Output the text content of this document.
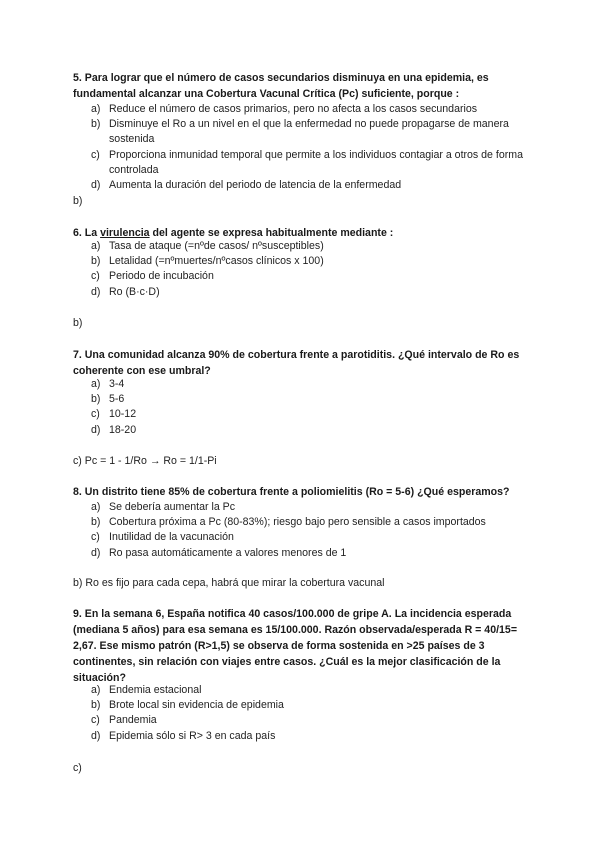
5. Para lograr que el número de casos secundarios disminuya en una epidemia, es fundamental alcanzar una Cobertura Vacunal Crítica (Pc) suficiente, porque :
a) Reduce el número de casos primarios, pero no afecta a los casos secundarios
b) Disminuye el Ro a un nivel en el que la enfermedad no puede propagarse de manera sostenida
c) Proporciona inmunidad temporal que permite a los individuos contagiar a otros de forma controlada
d) Aumenta la duración del periodo de latencia de la enfermedad
b)
6. La virulencia del agente se expresa habitualmente mediante :
a) Tasa de ataque (=nºde casos/ nºsusceptibles)
b) Letalidad (=nºmuertes/nºcasos clínicos x 100)
c) Periodo de incubación
d) Ro (B·c·D)
b)
7. Una comunidad alcanza 90% de cobertura frente a parotiditis. ¿Qué intervalo de Ro es coherente con ese umbral?
a) 3-4
b) 5-6
c) 10-12
d) 18-20
c) Pc = 1 - 1/Ro → Ro = 1/1-Pi
8. Un distrito tiene 85% de cobertura frente a poliomielitis (Ro = 5-6) ¿Qué esperamos?
a) Se debería aumentar la Pc
b) Cobertura próxima a Pc (80-83%); riesgo bajo pero sensible a casos importados
c) Inutilidad de la vacunación
d) Ro pasa automáticamente a valores menores de 1
b) Ro es fijo para cada cepa, habrá que mirar la cobertura vacunal
9. En la semana 6, España notifica 40 casos/100.000 de gripe A. La incidencia esperada (mediana 5 años) para esa semana es 15/100.000. Razón observada/esperada R = 40/15= 2,67. Ese mismo patrón (R>1,5) se observa de forma sostenida en >25 países de 3 continentes, sin relación con viajes entre casos. ¿Cuál es la mejor clasificación de la situación?
a) Endemia estacional
b) Brote local sin evidencia de epidemia
c) Pandemia
d) Epidemia sólo si R> 3 en cada país
c)
